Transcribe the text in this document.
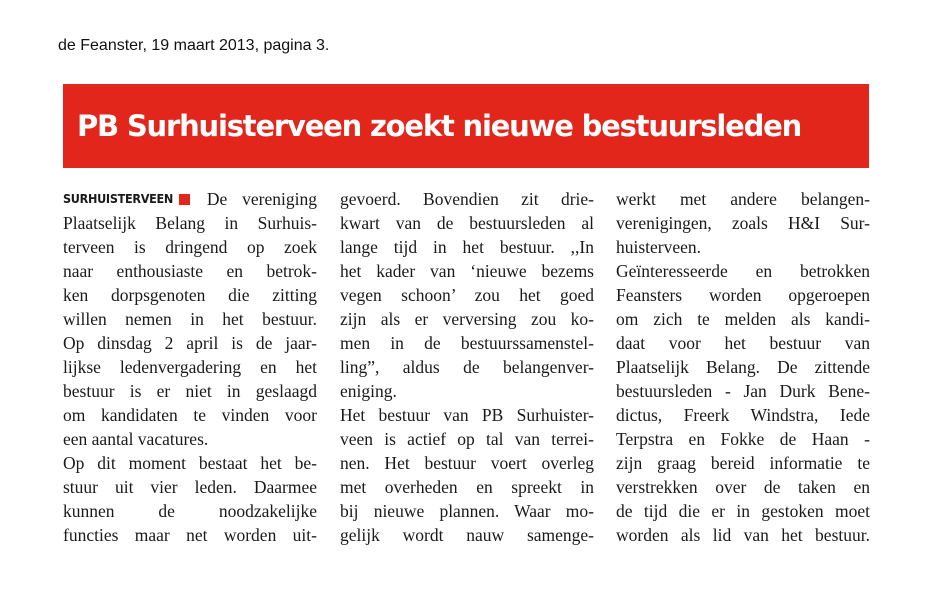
de Feanster, 19 maart 2013, pagina 3.
PB Surhuisterveen zoekt nieuwe bestuursleden
SURHUISTERVEEN De vereniging
Plaatselijk Belang in Surhuis-
terveen is dringend op zoek
naar enthousiaste en betrok-
ken dorpsgenoten die zitting
willen nemen in het bestuur.
Op dinsdag 2 april is de jaar-
lijkse ledenvergadering en het
bestuur is er niet in geslaagd
om kandidaten te vinden voor
een aantal vacatures.
Op dit moment bestaat het be-
stuur uit vier leden. Daarmee
kunnen de noodzakelijke
functies maar net worden uit-
gevoerd. Bovendien zit drie-
kwart van de bestuursleden al
lange tijd in het bestuur. ,,In
het kader van ‘nieuwe bezems
vegen schoon’ zou het goed
zijn als er verversing zou ko-
men in de bestuurssamenstel-
ling”, aldus de belangenver-
eniging.
Het bestuur van PB Surhuister-
veen is actief op tal van terrei-
nen. Het bestuur voert overleg
met overheden en spreekt in
bij nieuwe plannen. Waar mo-
gelijk wordt nauw samenge-
werkt met andere belangen-
verenigingen, zoals H&I Sur-
huisterveen.
Geïnteresseerde en betrokken
Feansters worden opgeroepen
om zich te melden als kandi-
daat voor het bestuur van
Plaatselijk Belang. De zittende
bestuursleden - Jan Durk Bene-
dictus, Freerk Windstra, Iede
Terpstra en Fokke de Haan -
zijn graag bereid informatie te
verstrekken over de taken en
de tijd die er in gestoken moet
worden als lid van het bestuur.
